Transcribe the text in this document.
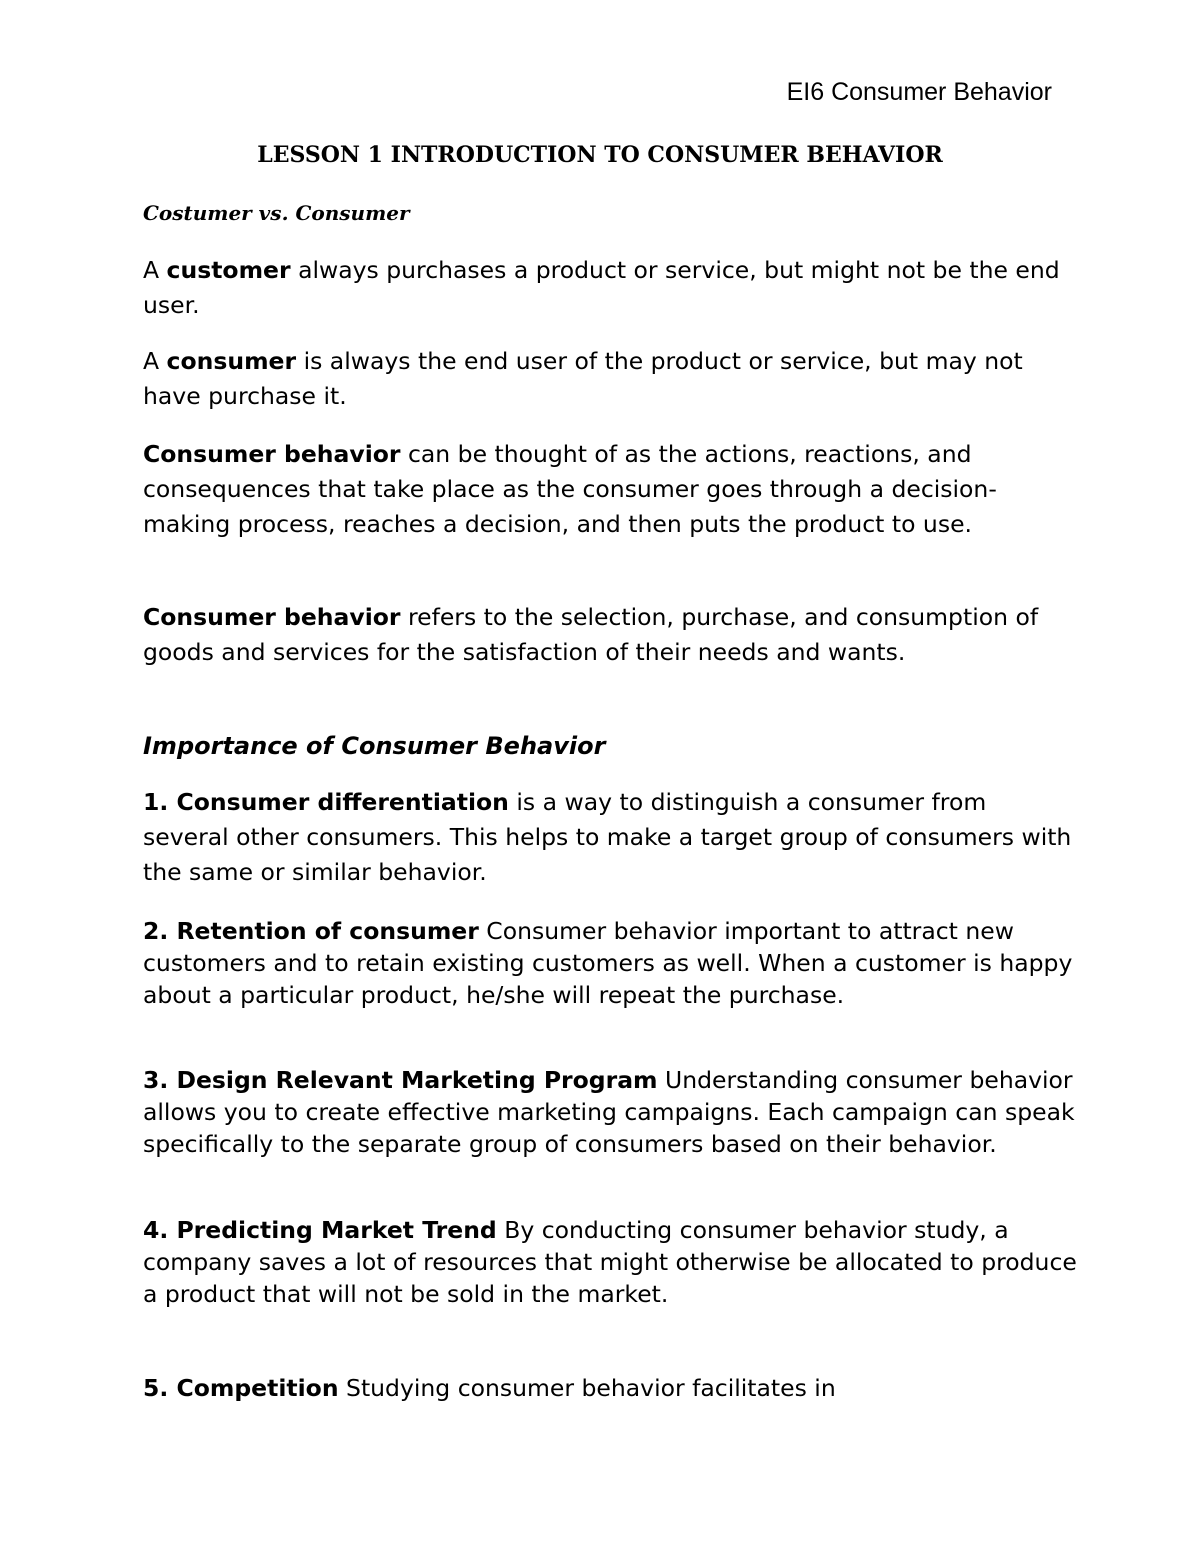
EI6 Consumer Behavior
LESSON 1 INTRODUCTION TO CONSUMER BEHAVIOR
Costumer vs. Consumer

A customer always purchases a product or service, but might not be the end user.

A consumer is always the end user of the product or service, but may not have purchase it.

Consumer behavior can be thought of as the actions, reactions, and consequences that take place as the consumer goes through a decision-making process, reaches a decision, and then puts the product to use.

Consumer behavior refers to the selection, purchase, and consumption of goods and services for the satisfaction of their needs and wants.

Importance of Consumer Behavior

1. Consumer differentiation is a way to distinguish a consumer from several other consumers. This helps to make a target group of consumers with the same or similar behavior.

2. Retention of consumer Consumer behavior important to attract new customers and to retain existing customers as well. When a customer is happy about a particular product, he/she will repeat the purchase.

3. Design Relevant Marketing Program Understanding consumer behavior allows you to create effective marketing campaigns. Each campaign can speak specifically to the separate group of consumers based on their behavior.

4. Predicting Market Trend By conducting consumer behavior study, a company saves a lot of resources that might otherwise be allocated to produce a product that will not be sold in the market.

5. Competition Studying consumer behavior facilitates in
